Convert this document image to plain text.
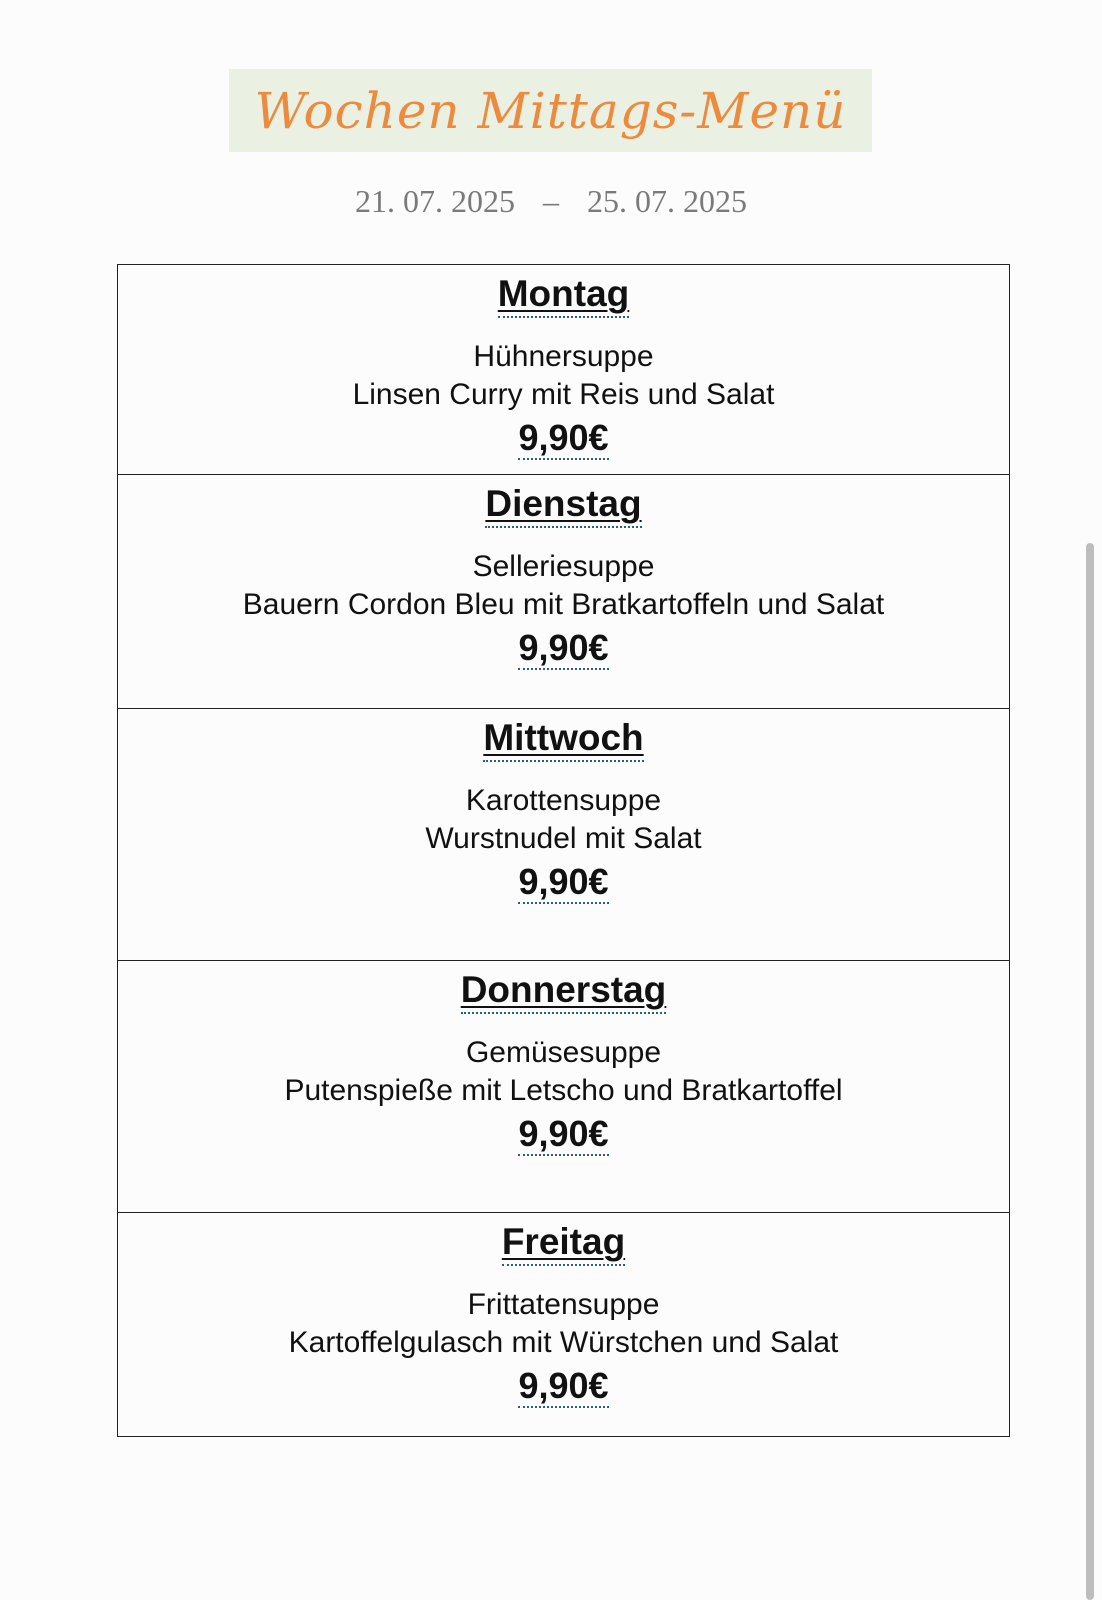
Wochen Mittags-Menü
21. 07. 2025 – 25. 07. 2025
Montag
Hühnersuppe
Linsen Curry mit Reis und Salat
9,90€
Dienstag
Selleriesuppe
Bauern Cordon Bleu mit Bratkartoffeln und Salat
9,90€
Mittwoch
Karottensuppe
Wurstnudel mit Salat
9,90€
Donnerstag
Gemüsesuppe
Putenspieße mit Letscho und Bratkartoffel
9,90€
Freitag
Frittatensuppe
Kartoffelgulasch mit Würstchen und Salat
9,90€
